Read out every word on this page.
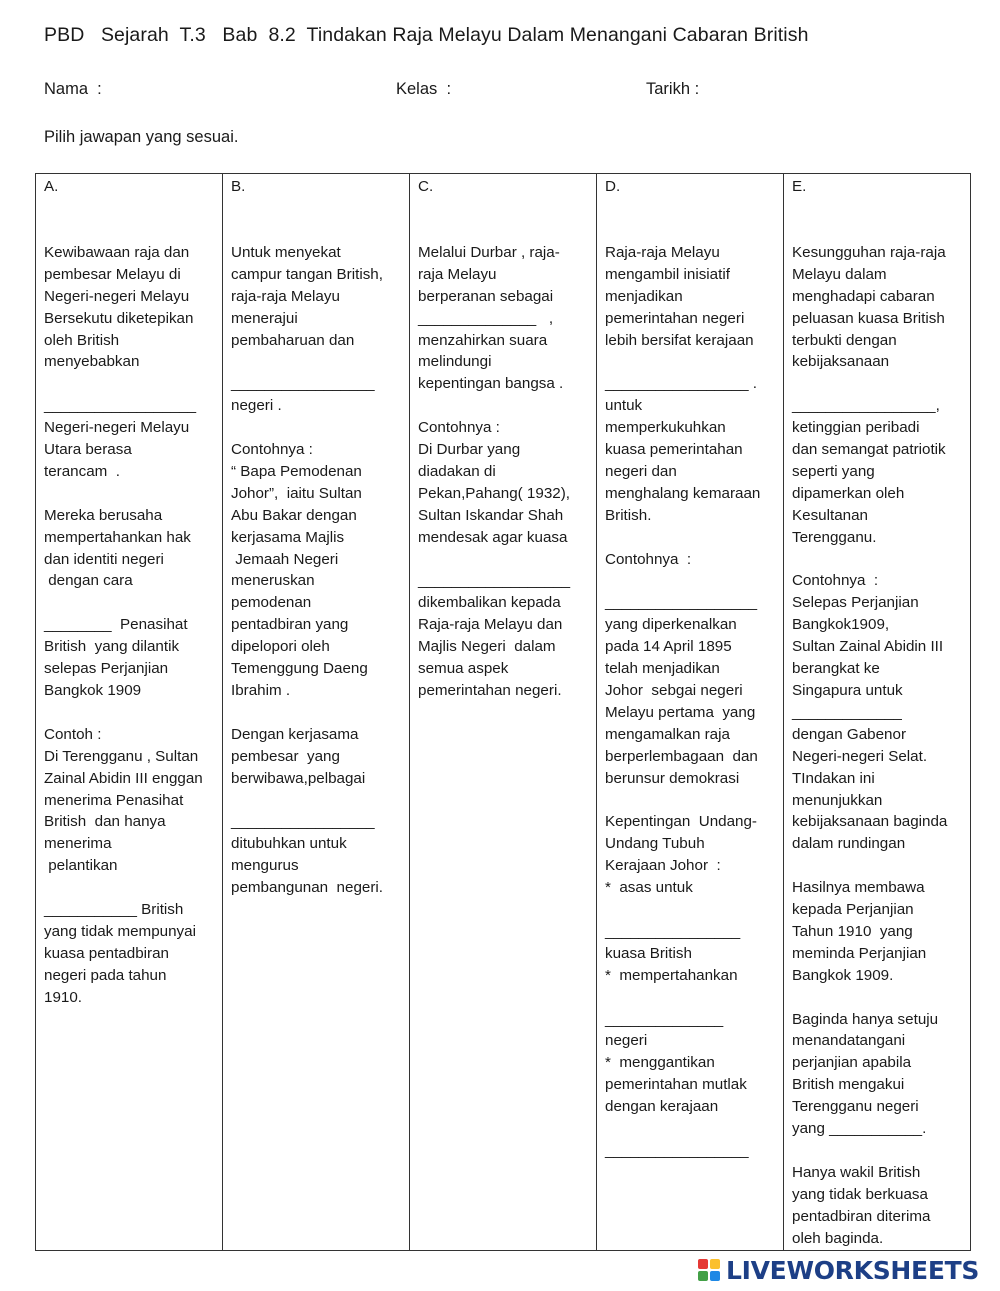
PBD   Sejarah  T.3   Bab  8.2  Tindakan Raja Melayu Dalam Menangani Cabaran British
Nama  :	Kelas  :	Tarikh :
Pilih jawapan yang sesuai.
A.
Kewibawaan raja dan
pembesar Melayu di
Negeri-negeri Melayu
Bersekutu diketepikan
oleh British
menyebabkan
__________________
Negeri-negeri Melayu
Utara berasa
terancam  .
Mereka berusaha
mempertahankan hak
dan identiti negeri
dengan cara
________  Penasihat
British  yang dilantik
selepas Perjanjian
Bangkok 1909
Contoh :
Di Terengganu , Sultan
Zainal Abidin III enggan
menerima Penasihat
British  dan hanya
menerima
pelantikan
___________ British
yang tidak mempunyai
kuasa pentadbiran
negeri pada tahun
1910.

B.
Untuk menyekat
campur tangan British,
raja-raja Melayu
menerajui
pembaharuan dan
_________________
negeri .
Contohnya :
“ Bapa Pemodenan
Johor”,  iaitu Sultan
Abu Bakar dengan
kerjasama Majlis
Jemaah Negeri
meneruskan
pemodenan
pentadbiran yang
dipelopori oleh
Temenggung Daeng
Ibrahim .
Dengan kerjasama
pembesar  yang
berwibawa,pelbagai
_________________
ditubuhkan untuk
mengurus
pembangunan  negeri.

C.
Melalui Durbar , raja-
raja Melayu
berperanan sebagai
______________   ,
menzahirkan suara
melindungi
kepentingan bangsa .
Contohnya :
Di Durbar yang
diadakan di
Pekan,Pahang( 1932),
Sultan Iskandar Shah
mendesak agar kuasa
__________________
dikembalikan kepada
Raja-raja Melayu dan
Majlis Negeri  dalam
semua aspek
pemerintahan negeri.

D.
Raja-raja Melayu
mengambil inisiatif
menjadikan
pemerintahan negeri
lebih bersifat kerajaan
_________________ .
untuk
memperkukuhkan
kuasa pemerintahan
negeri dan
menghalang kemaraan
British.
Contohnya  :
__________________
yang diperkenalkan
pada 14 April 1895
telah menjadikan
Johor  sebgai negeri
Melayu pertama  yang
mengamalkan raja
berperlembagaan  dan
berunsur demokrasi
Kepentingan  Undang-
Undang Tubuh
Kerajaan Johor  :
*  asas untuk
________________
kuasa British
*  mempertahankan
______________
negeri
*  menggantikan
pemerintahan mutlak
dengan kerajaan
_________________

E.
Kesungguhan raja-raja
Melayu dalam
menghadapi cabaran
peluasan kuasa British
terbukti dengan
kebijaksanaan
_________________,
ketinggian peribadi
dan semangat patriotik
seperti yang
dipamerkan oleh
Kesultanan
Terengganu.
Contohnya  :
Selepas Perjanjian
Bangkok1909,
Sultan Zainal Abidin III
berangkat ke
Singapura untuk
_____________
dengan Gabenor
Negeri-negeri Selat.
TIndakan ini
menunjukkan
kebijaksanaan baginda
dalam rundingan
Hasilnya membawa
kepada Perjanjian
Tahun 1910  yang
meminda Perjanjian
Bangkok 1909.
Baginda hanya setuju
menandatangani
perjanjian apabila
British mengakui
Terengganu negeri
yang ___________.
Hanya wakil British
yang tidak berkuasa
pentadbiran diterima
oleh baginda.
LIVEWORKSHEETS
